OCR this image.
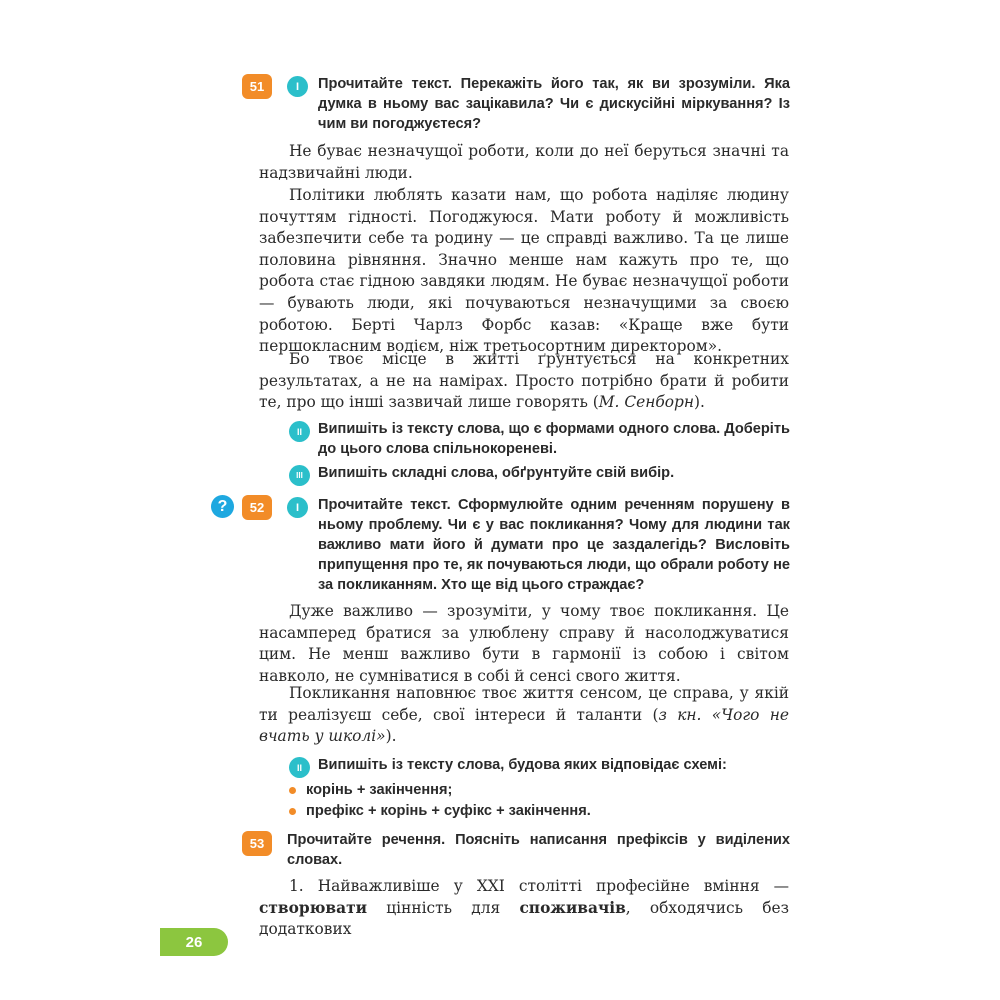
51	I	Прочитайте текст. Перекажіть його так, як ви зрозуміли. Яка думка в ньому вас зацікавила? Чи є дискусійні міркування? Із чим ви погоджуєтеся?

Не буває незначущої роботи, коли до неї беруться значні та надзвичайні люди.

Політики люблять казати нам, що робота наділяє людину почуттям гідності. Погоджуюся. Мати роботу й можливість забезпечити себе та родину — це справді важливо. Та це лише половина рівняння. Значно менше нам кажуть про те, що робота стає гідною завдяки людям. Не буває незначущої роботи — бувають люди, які почуваються незначущими за своєю роботою. Берті Чарлз Форбс казав: «Краще вже бути першокласним водієм, ніж третьосортним директором».

Бо твоє місце в житті ґрунтується на конкретних результатах, а не на намірах. Просто потрібно брати й робити те, про що інші зазвичай лише говорять (М. Сенборн).

II	Випишіть із тексту слова, що є формами одного слова. Доберіть до цього слова спільнокореневі.

III	Випишіть складні слова, обґрунтуйте свій вибір.

?	52	I	Прочитайте текст. Сформулюйте одним реченням порушену в ньому проблему. Чи є у вас покликання? Чому для людини так важливо мати його й думати про це заздалегідь? Висловіть припущення про те, як почуваються люди, що обрали роботу не за покликанням. Хто ще від цього страждає?

Дуже важливо — зрозуміти, у чому твоє покликання. Це насамперед братися за улюблену справу й насолоджуватися цим. Не менш важливо бути в гармонії із собою і світом навколо, не сумніватися в собі й сенсі свого життя.

Покликання наповнює твоє життя сенсом, це справа, у якій ти реалізуєш себе, свої інтереси й таланти (з кн. «Чого не вчать у школі»).

II	Випишіть із тексту слова, будова яких відповідає схемі:

корінь + закінчення;
префікс + корінь + суфікс + закінчення.
53	Прочитайте речення. Поясніть написання префіксів у виділених словах.

1. Найважливіше у XXI столітті професійне вміння — створювати цінність для споживачів, обходячись без додаткових

26
